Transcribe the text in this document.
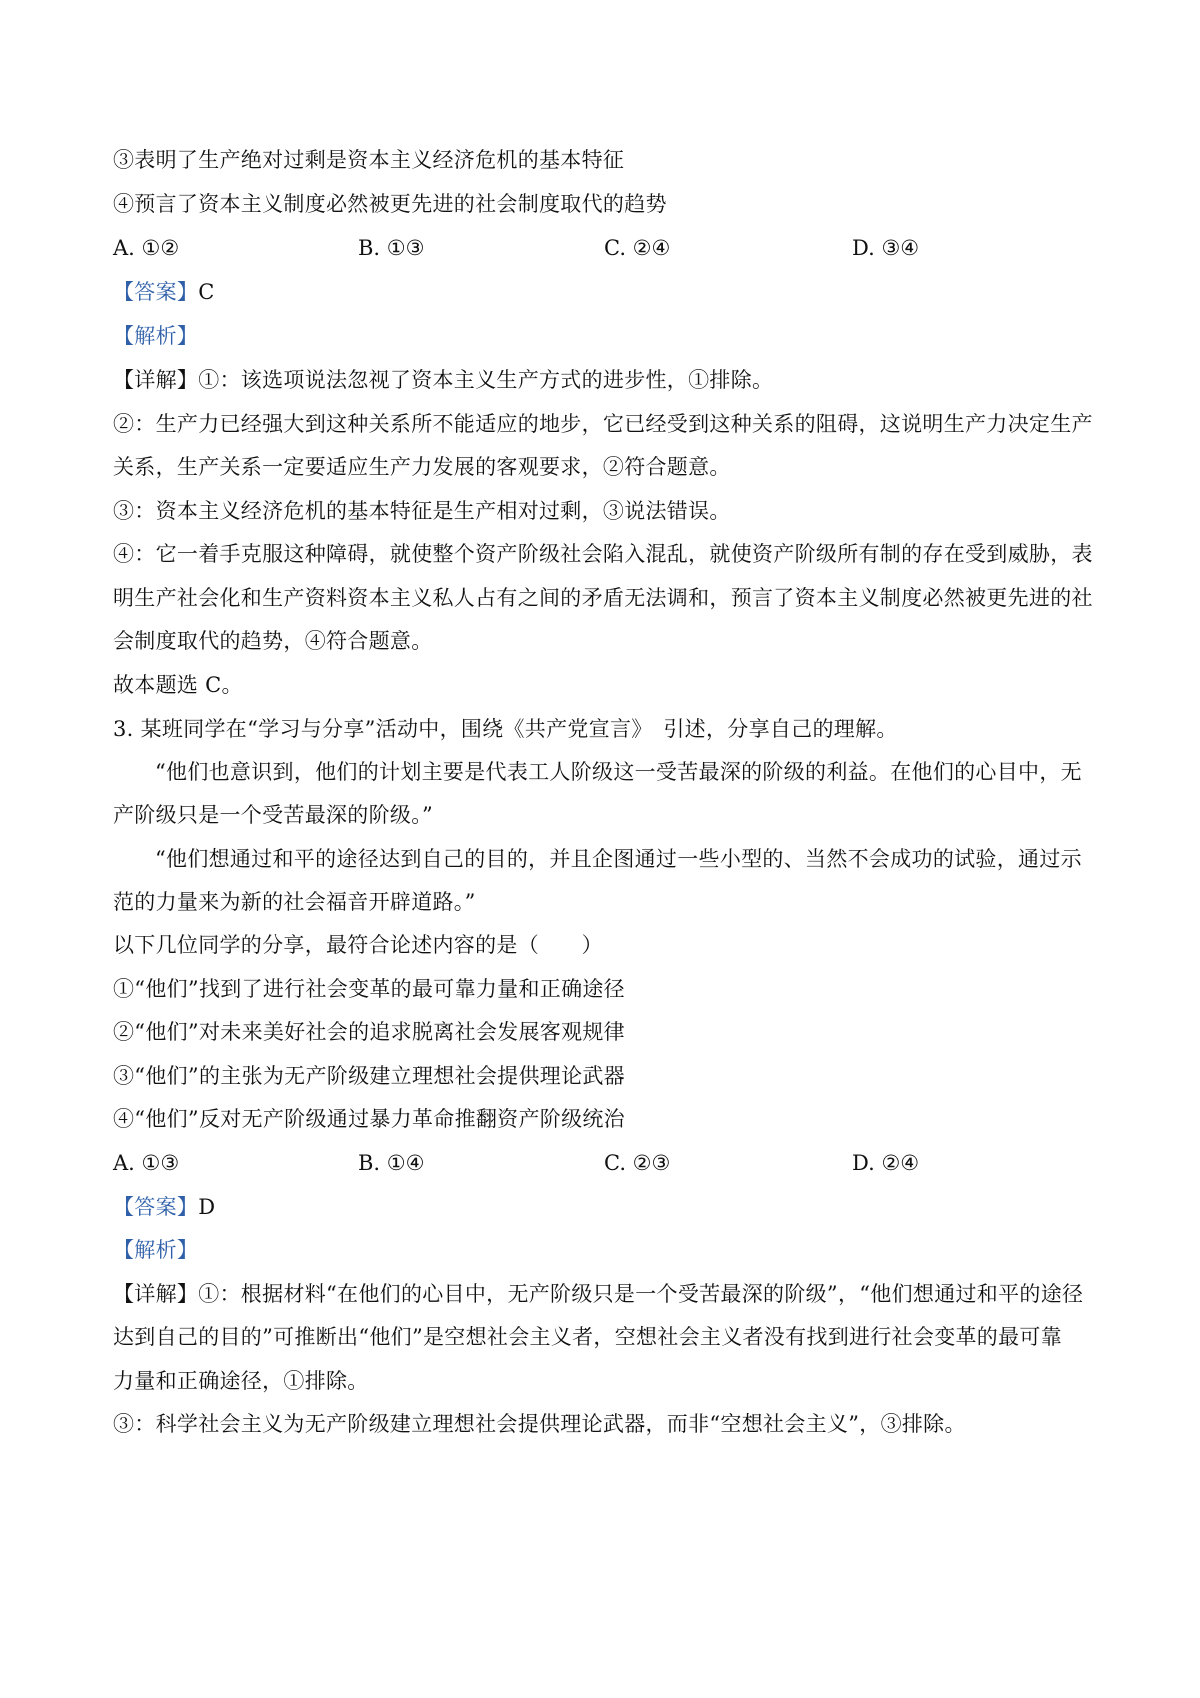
③表明了生产绝对过剩是资本主义经济危机的基本特征
④预言了资本主义制度必然被更先进的社会制度取代的趋势
A. ①②	B. ①③	C. ②④	D. ③④
【答案】C
【解析】
【详解】①：该选项说法忽视了资本主义生产方式的进步性，①排除。
②：生产力已经强大到这种关系所不能适应的地步，它已经受到这种关系的阻碍，这说明生产力决定生产
关系，生产关系一定要适应生产力发展的客观要求，②符合题意。
③：资本主义经济危机的基本特征是生产相对过剩，③说法错误。
④：它一着手克服这种障碍，就使整个资产阶级社会陷入混乱，就使资产阶级所有制的存在受到威胁，表
明生产社会化和生产资料资本主义私人占有之间的矛盾无法调和，预言了资本主义制度必然被更先进的社
会制度取代的趋势，④符合题意。
故本题选 C。
3. 某班同学在“学习与分享”活动中，围绕《共产党宣言》　引述，分享自己的理解。
“他们也意识到，他们的计划主要是代表工人阶级这一受苦最深的阶级的利益。在他们的心目中，无
产阶级只是一个受苦最深的阶级。”
“他们想通过和平的途径达到自己的目的，并且企图通过一些小型的、当然不会成功的试验，通过示
范的力量来为新的社会福音开辟道路。”
以下几位同学的分享，最符合论述内容的是（　　）
①“他们”找到了进行社会变革的最可靠力量和正确途径
②“他们”对未来美好社会的追求脱离社会发展客观规律
③“他们”的主张为无产阶级建立理想社会提供理论武器
④“他们”反对无产阶级通过暴力革命推翻资产阶级统治
A. ①③	B. ①④	C. ②③	D. ②④
【答案】D
【解析】
【详解】①：根据材料“在他们的心目中，无产阶级只是一个受苦最深的阶级”，“他们想通过和平的途径
达到自己的目的”可推断出“他们”是空想社会主义者，空想社会主义者没有找到进行社会变革的最可靠
力量和正确途径，①排除。
③：科学社会主义为无产阶级建立理想社会提供理论武器，而非“空想社会主义”，③排除。
